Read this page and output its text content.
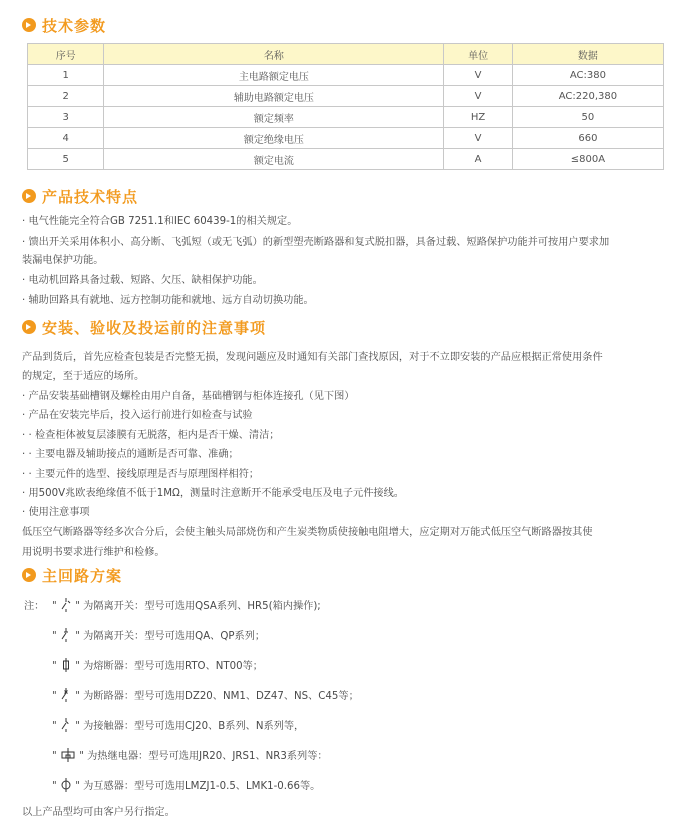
技术参数
序号	名称	单位	数据
1	主电路额定电压	V	AC:380
2	辅助电路额定电压	V	AC:220,380
3	额定频率	HZ	50
4	额定绝缘电压	V	660
5	额定电流	A	≤800A
产品技术特点
· 电气性能完全符合GB 7251.1和IEC 60439-1的相关规定。
· 馈出开关采用体积小、高分断、飞弧短（或无飞弧）的新型塑壳断路器和复式脱扣器，具备过载、短路保护功能并可按用户要求加
装漏电保护功能。
· 电动机回路具备过载、短路、欠压、缺相保护功能。
· 辅助回路具有就地、远方控制功能和就地、远方自动切换功能。
安装、验收及投运前的注意事项
产品到货后，首先应检查包装是否完整无损，发现问题应及时通知有关部门查找原因，对于不立即安装的产品应根据正常使用条件
的规定，至于适应的场所。
· 产品安装基础槽钢及螺栓由用户自备，基础槽钢与柜体连接孔（见下图）
· 产品在安装完毕后，投入运行前进行如检查与试验
· · 检查柜体被复层漆膜有无脱落，柜内是否干燥、清洁；
· · 主要电器及辅助接点的通断是否可靠、准确；
· · 主要元件的选型、接线原理是否与原理图样相符；
· 用500V兆欧表绝缘值不低于1MΩ，测量时注意断开不能承受电压及电子元件接线。
· 使用注意事项
低压空气断路器等经多次合分后，会使主触头局部烧伤和产生炭类物质使接触电阻增大，应定期对万能式低压空气断路器按其使
用说明书要求进行维护和检修。
主回路方案
注： " " 为隔离开关：型号可选用QSA系列、HR5(箱内操作);
" " 为隔离开关：型号可选用QA、QP系列；
" " 为熔断器：型号可选用RTO、NT00等；
" " 为断路器：型号可选用DZ20、NM1、DZ47、NS、C45等；
" " 为接触器：型号可选用CJ20、B系列、N系列等，
" " 为热继电器：型号可选用JR20、JRS1、NR3系列等：
" " 为互感器：型号可选用LMZJ1-0.5、LMK1-0.66等。
以上产品型均可由客户另行指定。
